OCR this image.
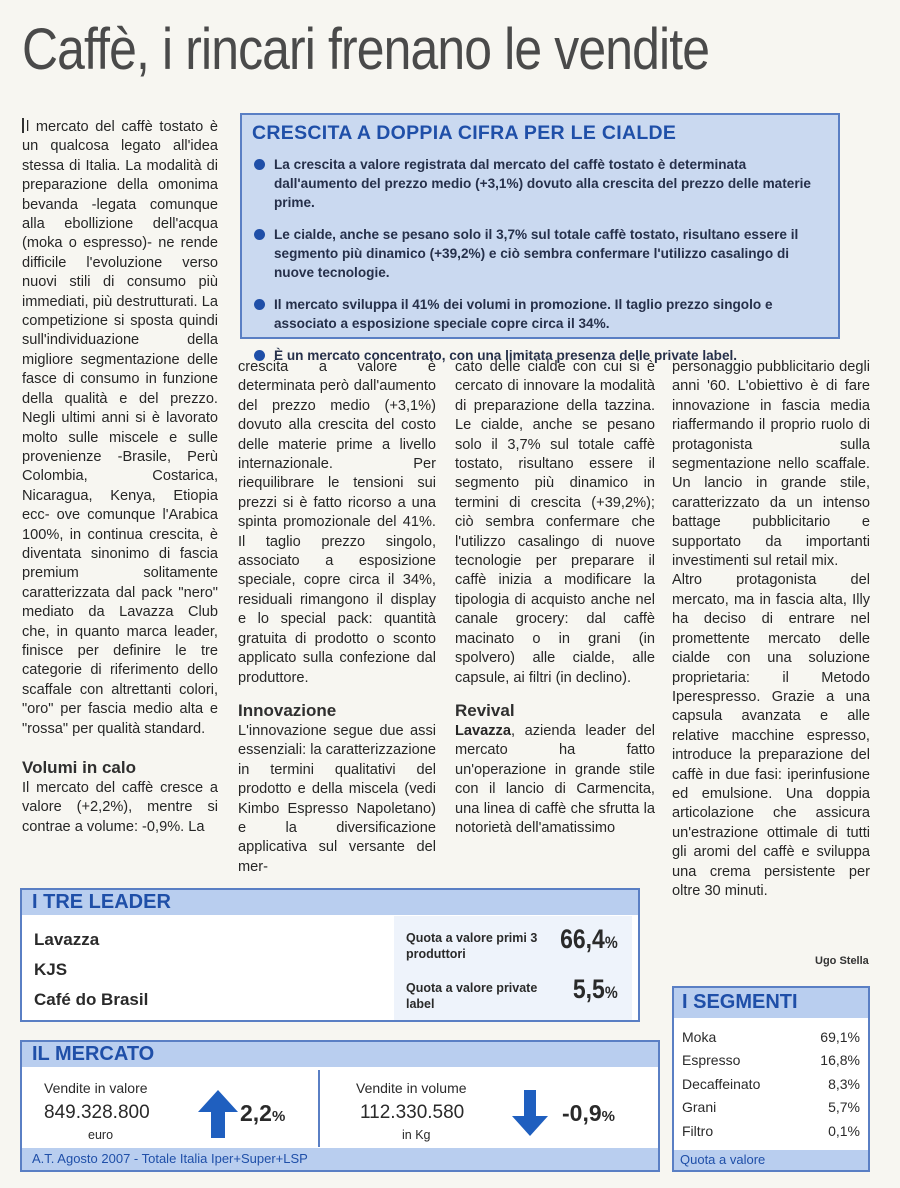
Caffè, i rincari frenano le vendite

l mercato del caffè tostato è un qualcosa legato all'idea stessa di Italia. La modalità di preparazione della omonima bevanda -legata comunque alla ebollizione dell'acqua (moka o espresso)- ne rende difficile l'evoluzione verso nuovi stili di consumo più immediati, più destrutturati. La competizione si sposta quindi sull'individuazione della migliore segmentazione delle fasce di consumo in funzione della qualità e del prezzo. Negli ultimi anni si è lavorato molto sulle miscele e sulle provenienze -Brasile, Perù Colombia, Costarica, Nicaragua, Kenya, Etiopia ecc- ove comunque l'Arabica 100%, in continua crescita, è diventata sinonimo di fascia premium solitamente caratterizzata dal pack "nero" mediato da Lavazza Club che, in quanto marca leader, finisce per definire le tre categorie di riferimento dello scaffale con altrettanti colori, "oro" per fascia medio alta e "rossa" per qualità standard.

Volumi in calo

Il mercato del caffè cresce a valore (+2,2%), mentre si contrae a volume: -0,9%. La

CRESCITA A DOPPIA CIFRA PER LE CIALDE
La crescita a valore registrata dal mercato del caffè tostato è determinata dall'aumento del prezzo medio (+3,1%) dovuto alla crescita del prezzo delle materie prime.
Le cialde, anche se pesano solo il 3,7% sul totale caffè tostato, risultano essere il segmento più dinamico (+39,2%) e ciò sembra confermare l'utilizzo casalingo di nuove tecnologie.
Il mercato sviluppa il 41% dei volumi in promozione. Il taglio prezzo singolo e associato a esposizione speciale copre circa il 34%.
È un mercato concentrato, con una limitata presenza delle private label.

crescita a valore è determinata però dall'aumento del prezzo medio (+3,1%) dovuto alla crescita del costo delle materie prime a livello internazionale. Per riequilibrare le tensioni sui prezzi si è fatto ricorso a una spinta promozionale del 41%. Il taglio prezzo singolo, associato a esposizione speciale, copre circa il 34%, residuali rimangono il display e lo special pack: quantità gratuita di prodotto o sconto applicato sulla confezione dal produttore.

Innovazione

L'innovazione segue due assi essenziali: la caratterizzazione in termini qualitativi del prodotto e della miscela (vedi Kimbo Espresso Napoletano) e la diversificazione applicativa sul versante del mer-

cato delle cialde con cui si è cercato di innovare la modalità di preparazione della tazzina. Le cialde, anche se pesano solo il 3,7% sul totale caffè tostato, risultano essere il segmento più dinamico in termini di crescita (+39,2%); ciò sembra confermare che l'utilizzo casalingo di nuove tecnologie per preparare il caffè inizia a modificare la tipologia di acquisto anche nel canale grocery: dal caffè macinato o in grani (in spolvero) alle cialde, alle capsule, ai filtri (in declino).

Revival

Lavazza, azienda leader del mercato ha fatto un'operazione in grande stile con il lancio di Carmencita, una linea di caffè che sfrutta la notorietà dell'amatissimo

personaggio pubblicitario degli anni '60. L'obiettivo è di fare innovazione in fascia media riaffermando il proprio ruolo di protagonista sulla segmentazione nello scaffale. Un lancio in grande stile, caratterizzato da un intenso battage pubblicitario e supportato da importanti investimenti sul retail mix.

Altro protagonista del mercato, ma in fascia alta, Illy ha deciso di entrare nel promettente mercato delle cialde con una soluzione proprietaria: il Metodo Iperespresso. Grazie a una capsula avanzata e alle relative macchine espresso, introduce la preparazione del caffè in due fasi: iperinfusione ed emulsione. Una doppia articolazione che assicura un'estrazione ottimale di tutti gli aromi del caffè e sviluppa una crema persistente per oltre 30 minuti.

Ugo Stella
I TRE LEADER
Lavazza
KJS
Café do Brasil
Quota a valore primi 3 produttori	66,4%
Quota a valore private label	5,5%
IL MERCATO
Vendite in valore
849.328.800
euro
2,2%
Vendite in volume
112.330.580
in Kg
-0,9%
A.T. Agosto 2007 - Totale Italia Iper+Super+LSP
I SEGMENTI
Moka	69,1%
Espresso	16,8%
Decaffeinato	8,3%
Grani	5,7%
Filtro	0,1%
Quota a valore
